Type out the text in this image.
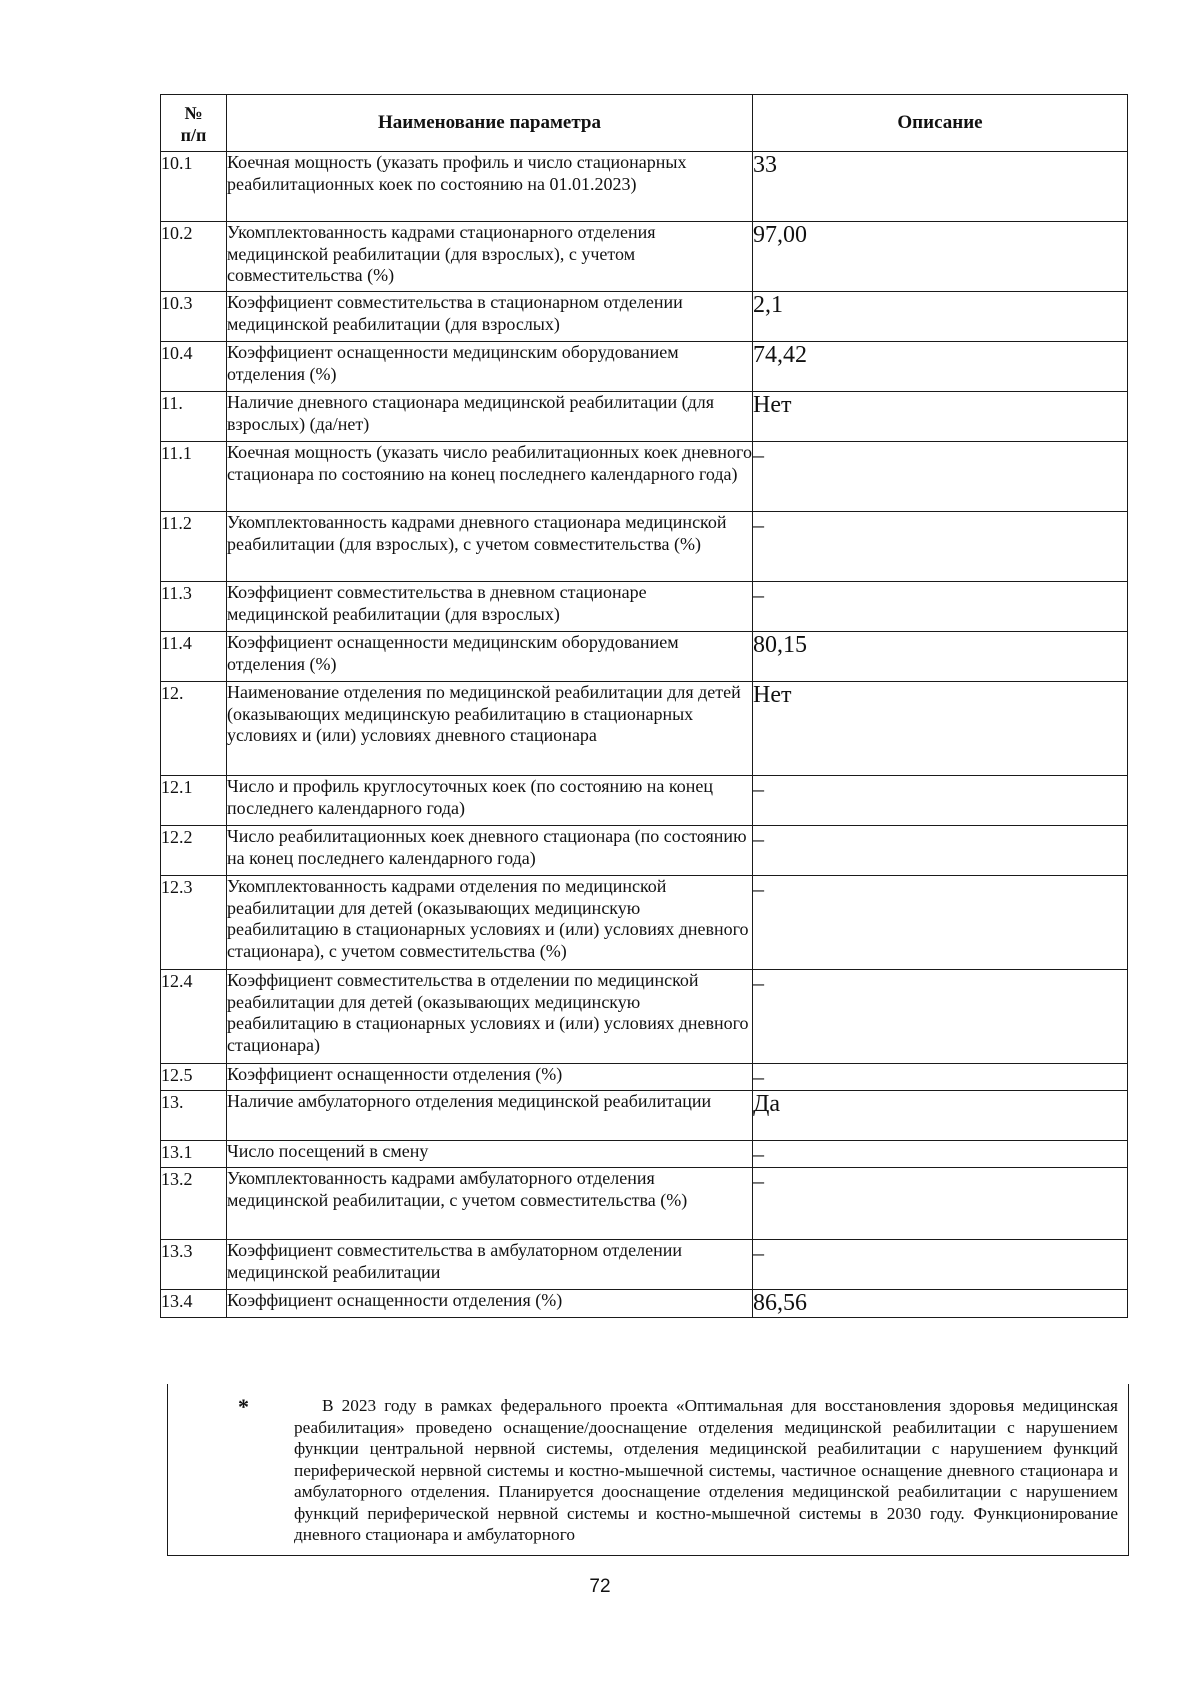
№
п/п	Наименование параметра	Описание
10.1	Коечная мощность (указать профиль и число стационарных реабилитационных коек по состоянию на 01.01.2023)	33
10.2	Укомплектованность кадрами стационарного отделения медицинской реабилитации (для взрослых), с учетом совместительства (%)	97,00
10.3	Коэффициент совместительства в стационарном отделении медицинской реабилитации (для взрослых)	2,1
10.4	Коэффициент оснащенности медицинским оборудованием отделения (%)	74,42
11.	Наличие дневного стационара медицинской реабилитации (для взрослых) (да/нет)	Нет
11.1	Коечная мощность (указать число реабилитационных коек дневного стационара по состоянию на конец последнего календарного года)	–
11.2	Укомплектованность кадрами дневного стационара медицинской реабилитации (для взрослых), с учетом совместительства (%)	–
11.3	Коэффициент совместительства в дневном стационаре медицинской реабилитации (для взрослых)	–
11.4	Коэффициент оснащенности медицинским оборудованием отделения (%)	80,15
12.	Наименование отделения по медицинской реабилитации для детей (оказывающих медицинскую реабилитацию в стационарных условиях и (или) условиях дневного стационара	Нет
12.1	Число и профиль круглосуточных коек (по состоянию на конец последнего календарного года)	–
12.2	Число реабилитационных коек дневного стационара (по состоянию на конец последнего календарного года)	–
12.3	Укомплектованность кадрами отделения по медицинской реабилитации для детей (оказывающих медицинскую реабилитацию в стационарных условиях и (или) условиях дневного стационара), с учетом совместительства (%)	–
12.4	Коэффициент совместительства в отделении по медицинской реабилитации для детей (оказывающих медицинскую реабилитацию в стационарных условиях и (или) условиях дневного стационара)	–
12.5	Коэффициент оснащенности отделения (%)	–
13.	Наличие амбулаторного отделения медицинской реабилитации	Да
13.1	Число посещений в смену	–
13.2	Укомплектованность кадрами амбулаторного отделения медицинской реабилитации, с учетом совместительства (%)	–
13.3	Коэффициент совместительства в амбулаторном отделении медицинской реабилитации	–
13.4	Коэффициент оснащенности отделения (%)	86,56
*	В 2023 году в рамках федерального проекта «Оптимальная для восстановления здоровья медицинская реабилитация» проведено оснащение/дооснащение отделения медицинской реабилитации с нарушением функции центральной нервной системы, отделения медицинской реабилитации с нарушением функций периферической нервной системы и костно-мышечной системы, частичное оснащение дневного стационара и амбулаторного отделения. Планируется дооснащение отделения медицинской реабилитации с нарушением функций периферической нервной системы и костно-мышечной системы в 2030 году. Функционирование дневного стационара и амбулаторного
72
